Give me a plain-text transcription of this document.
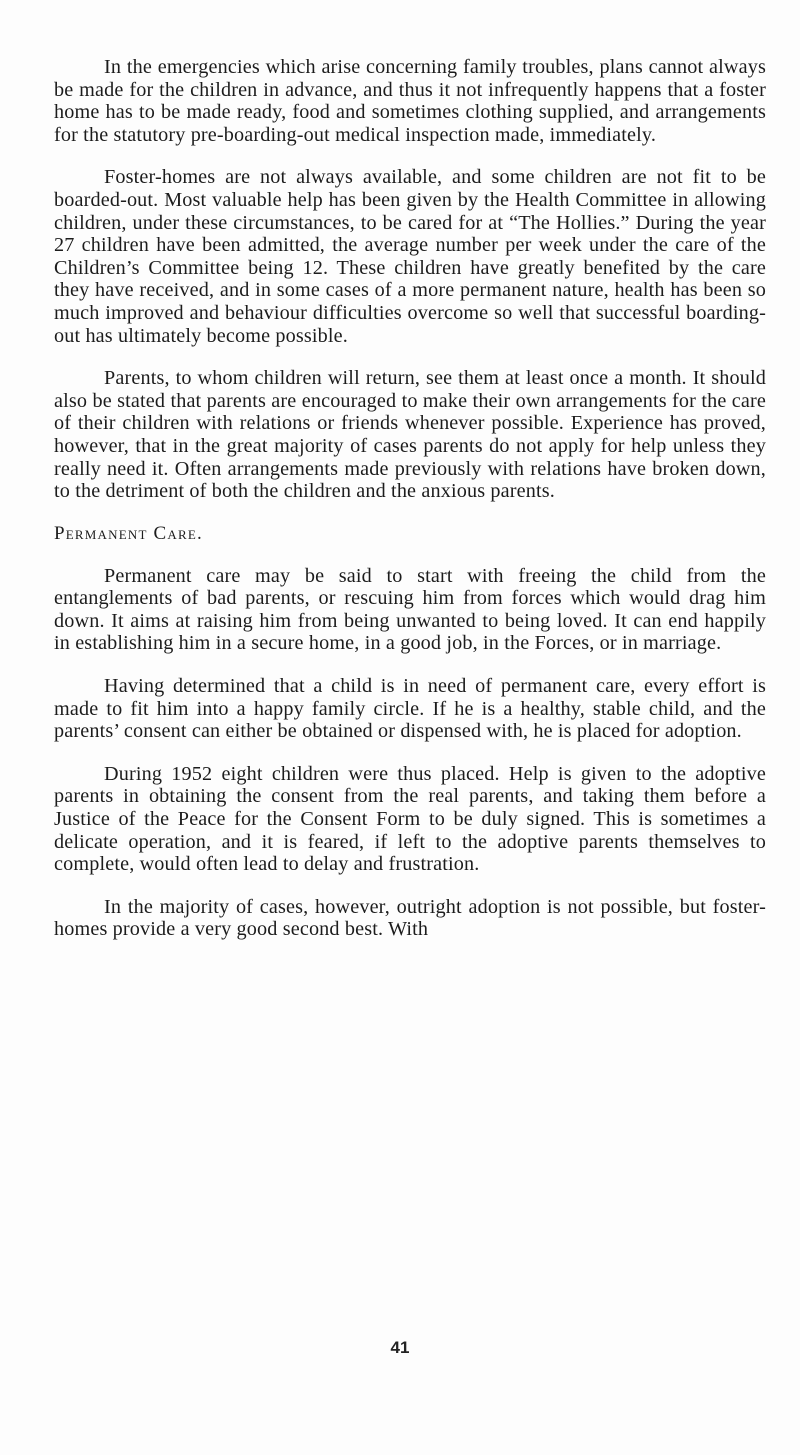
In the emergencies which arise concerning family troubles, plans cannot always be made for the children in advance, and thus it not infrequently happens that a foster home has to be made ready, food and sometimes clothing supplied, and arrangements for the statutory pre-boarding-out medical inspection made, immediately.

Foster-homes are not always available, and some children are not fit to be boarded-out. Most valuable help has been given by the Health Committee in allowing children, under these circumstances, to be cared for at “The Hollies.” During the year 27 children have been admitted, the average number per week under the care of the Children’s Committee being 12. These children have greatly benefited by the care they have received, and in some cases of a more permanent nature, health has been so much improved and behaviour difficulties overcome so well that successful boarding-out has ultimately become possible.

Parents, to whom children will return, see them at least once a month. It should also be stated that parents are encouraged to make their own arrangements for the care of their children with relations or friends whenever possible. Experience has proved, however, that in the great majority of cases parents do not apply for help unless they really need it. Often arrangements made previously with relations have broken down, to the detriment of both the children and the anxious parents.

Permanent Care.

Permanent care may be said to start with freeing the child from the entanglements of bad parents, or rescuing him from forces which would drag him down. It aims at raising him from being unwanted to being loved. It can end happily in establishing him in a secure home, in a good job, in the Forces, or in marriage.

Having determined that a child is in need of permanent care, every effort is made to fit him into a happy family circle. If he is a healthy, stable child, and the parents’ consent can either be obtained or dispensed with, he is placed for adoption.

During 1952 eight children were thus placed. Help is given to the adoptive parents in obtaining the consent from the real parents, and taking them before a Justice of the Peace for the Consent Form to be duly signed. This is sometimes a delicate operation, and it is feared, if left to the adoptive parents themselves to complete, would often lead to delay and frustration.

In the majority of cases, however, outright adoption is not possible, but foster-homes provide a very good second best. With

41
